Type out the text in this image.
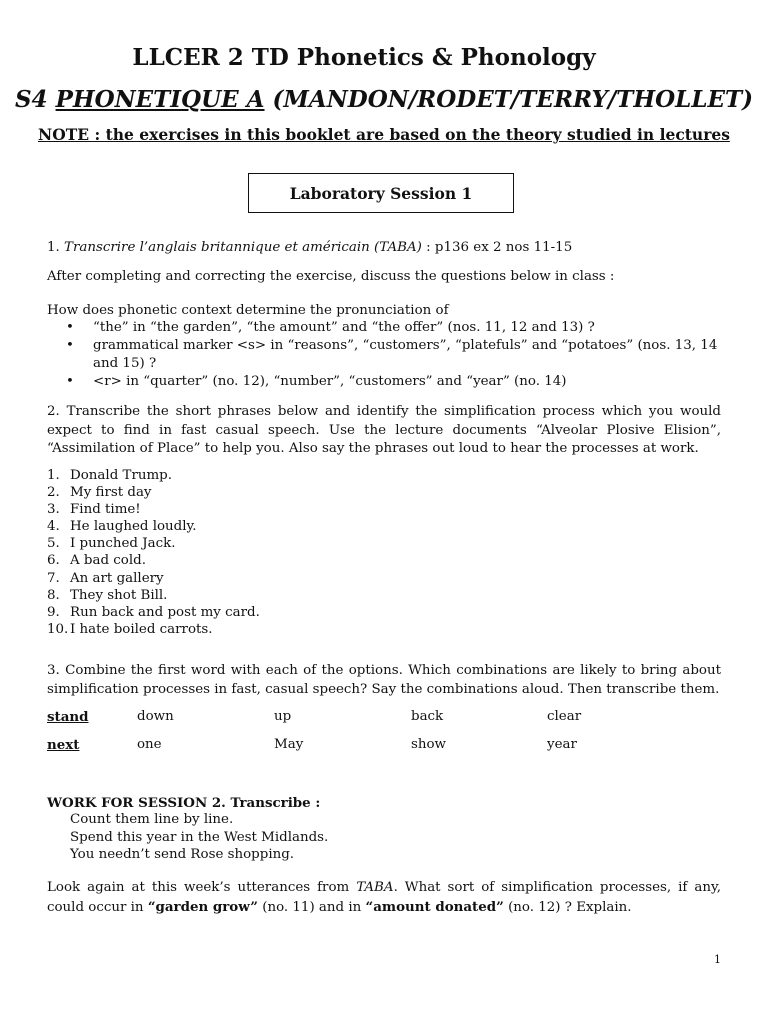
LLCER 2 TD Phonetics & Phonology
S4 PHONETIQUE A (MANDON/RODET/TERRY/THOLLET)
NOTE : the exercises in this booklet are based on the theory studied in lectures
Laboratory Session 1
1. Transcrire l’anglais britannique et américain (TABA) : p136 ex 2 nos 11-15
After completing and correcting the exercise, discuss the questions below in class :
How does phonetic context determine the pronunciation of
• “the” in “the garden”, “the amount” and “the offer” (nos. 11, 12 and 13) ?
• grammatical marker <s> in “reasons”, “customers”, “platefuls” and “potatoes” (nos. 13, 14 and 15) ?
• <r> in “quarter” (no. 12), “number”, “customers” and “year” (no. 14)
2. Transcribe the short phrases below and identify the simplification process which you would expect to find in fast casual speech. Use the lecture documents “Alveolar Plosive Elision”, “Assimilation of Place” to help you. Also say the phrases out loud to hear the processes at work.
1. Donald Trump.
2. My first day
3. Find time!
4. He laughed loudly.
5. I punched Jack.
6. A bad cold.
7. An art gallery
8. They shot Bill.
9. Run back and post my card.
10. I hate boiled carrots.
3. Combine the first word with each of the options. Which combinations are likely to bring about simplification processes in fast, casual speech? Say the combinations aloud. Then transcribe them.
stand	down	up	back	clear
next	one	May	show	year
WORK FOR SESSION 2. Transcribe :
Count them line by line.
Spend this year in the West Midlands.
You needn’t send Rose shopping.
Look again at this week’s utterances from TABA. What sort of simplification processes, if any, could occur in “garden grow” (no. 11) and in “amount donated” (no. 12) ? Explain.
1
